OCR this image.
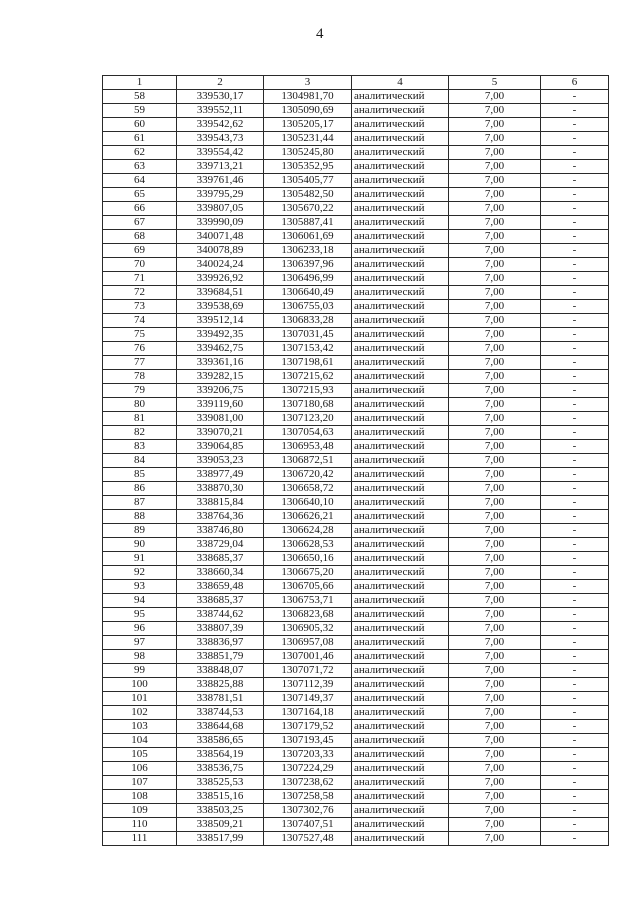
4
1	2	3	4	5	6
58	339530,17	1304981,70	аналитический	7,00	-
59	339552,11	1305090,69	аналитический	7,00	-
60	339542,62	1305205,17	аналитический	7,00	-
61	339543,73	1305231,44	аналитический	7,00	-
62	339554,42	1305245,80	аналитический	7,00	-
63	339713,21	1305352,95	аналитический	7,00	-
64	339761,46	1305405,77	аналитический	7,00	-
65	339795,29	1305482,50	аналитический	7,00	-
66	339807,05	1305670,22	аналитический	7,00	-
67	339990,09	1305887,41	аналитический	7,00	-
68	340071,48	1306061,69	аналитический	7,00	-
69	340078,89	1306233,18	аналитический	7,00	-
70	340024,24	1306397,96	аналитический	7,00	-
71	339926,92	1306496,99	аналитический	7,00	-
72	339684,51	1306640,49	аналитический	7,00	-
73	339538,69	1306755,03	аналитический	7,00	-
74	339512,14	1306833,28	аналитический	7,00	-
75	339492,35	1307031,45	аналитический	7,00	-
76	339462,75	1307153,42	аналитический	7,00	-
77	339361,16	1307198,61	аналитический	7,00	-
78	339282,15	1307215,62	аналитический	7,00	-
79	339206,75	1307215,93	аналитический	7,00	-
80	339119,60	1307180,68	аналитический	7,00	-
81	339081,00	1307123,20	аналитический	7,00	-
82	339070,21	1307054,63	аналитический	7,00	-
83	339064,85	1306953,48	аналитический	7,00	-
84	339053,23	1306872,51	аналитический	7,00	-
85	338977,49	1306720,42	аналитический	7,00	-
86	338870,30	1306658,72	аналитический	7,00	-
87	338815,84	1306640,10	аналитический	7,00	-
88	338764,36	1306626,21	аналитический	7,00	-
89	338746,80	1306624,28	аналитический	7,00	-
90	338729,04	1306628,53	аналитический	7,00	-
91	338685,37	1306650,16	аналитический	7,00	-
92	338660,34	1306675,20	аналитический	7,00	-
93	338659,48	1306705,66	аналитический	7,00	-
94	338685,37	1306753,71	аналитический	7,00	-
95	338744,62	1306823,68	аналитический	7,00	-
96	338807,39	1306905,32	аналитический	7,00	-
97	338836,97	1306957,08	аналитический	7,00	-
98	338851,79	1307001,46	аналитический	7,00	-
99	338848,07	1307071,72	аналитический	7,00	-
100	338825,88	1307112,39	аналитический	7,00	-
101	338781,51	1307149,37	аналитический	7,00	-
102	338744,53	1307164,18	аналитический	7,00	-
103	338644,68	1307179,52	аналитический	7,00	-
104	338586,65	1307193,45	аналитический	7,00	-
105	338564,19	1307203,33	аналитический	7,00	-
106	338536,75	1307224,29	аналитический	7,00	-
107	338525,53	1307238,62	аналитический	7,00	-
108	338515,16	1307258,58	аналитический	7,00	-
109	338503,25	1307302,76	аналитический	7,00	-
110	338509,21	1307407,51	аналитический	7,00	-
111	338517,99	1307527,48	аналитический	7,00	-
